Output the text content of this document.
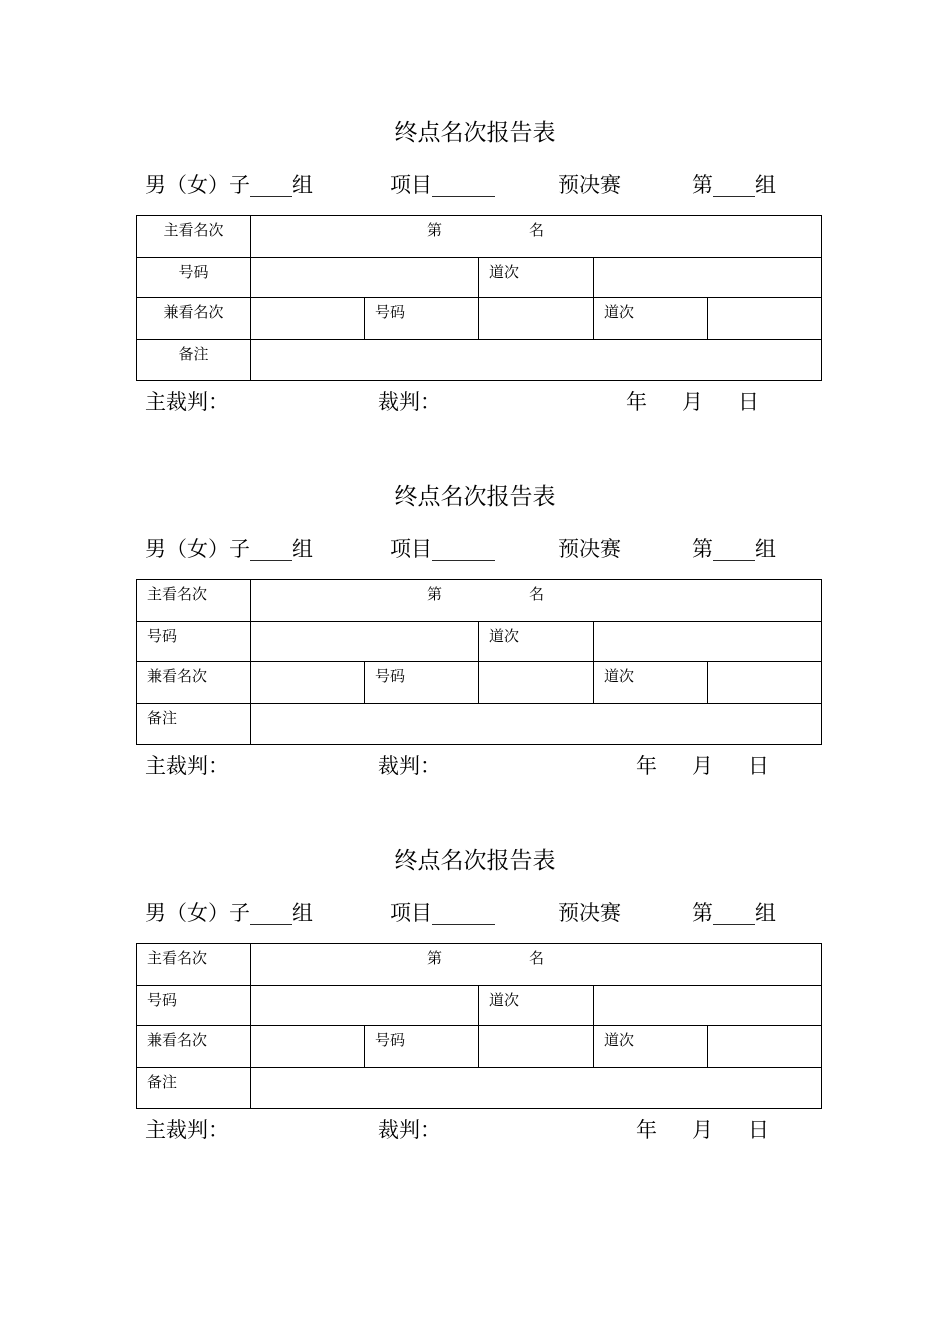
终点名次报告表
男（女）子____组	项目______	预决赛	第____组
主看名次	第 名				

号码			道次		
兼看名次		号码		道次	
备注					
主裁判：	裁判：	年 月 日
终点名次报告表
男（女）子____组	项目______	预决赛	第____组
主看名次	第 名				

号码			道次		
兼看名次		号码		道次	
备注					
主裁判：	裁判：	年 月 日
终点名次报告表
男（女）子____组	项目______	预决赛	第____组
主看名次	第 名				

号码			道次		
兼看名次		号码		道次	
备注					
主裁判：	裁判：	年 月 日
